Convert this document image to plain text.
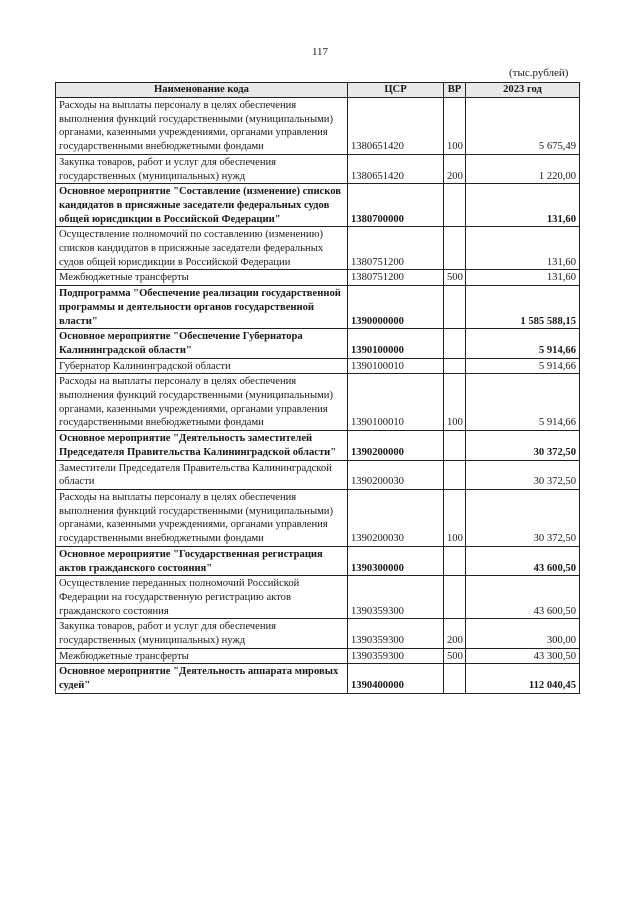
117
(тыс.рублей)
Наименование кода	ЦСР	ВР	2023 год
Расходы на выплаты персоналу в целях обеспечения выполнения функций государственными (муниципальными) органами, казенными учреждениями, органами управления государственными внебюджетными фондами	1380651420	100	5 675,49
Закупка товаров, работ и услуг для обеспечения государственных (муниципальных) нужд	1380651420	200	1 220,00
Основное мероприятие "Составление (изменение) списков кандидатов в присяжные заседатели федеральных судов общей юрисдикции в Российской Федерации"	1380700000		131,60
Осуществление полномочий по составлению (изменению) списков кандидатов в присяжные заседатели федеральных судов общей юрисдикции в Российской Федерации	1380751200		131,60
Межбюджетные трансферты	1380751200	500	131,60
Подпрограмма "Обеспечение реализации государственной программы и деятельности органов государственной власти"	1390000000		1 585 588,15
Основное мероприятие "Обеспечение Губернатора Калининградской области"	1390100000		5 914,66
Губернатор Калининградской области	1390100010		5 914,66
Расходы на выплаты персоналу в целях обеспечения выполнения функций государственными (муниципальными) органами, казенными учреждениями, органами управления государственными внебюджетными фондами	1390100010	100	5 914,66
Основное мероприятие "Деятельность заместителей Председателя Правительства Калининградской области"	1390200000		30 372,50
Заместители Председателя Правительства Калининградской области	1390200030		30 372,50
Расходы на выплаты персоналу в целях обеспечения выполнения функций государственными (муниципальными) органами, казенными учреждениями, органами управления государственными внебюджетными фондами	1390200030	100	30 372,50
Основное мероприятие "Государственная регистрация актов гражданского состояния"	1390300000		43 600,50
Осуществление переданных полномочий Российской Федерации на государственную регистрацию актов гражданского состояния	1390359300		43 600,50
Закупка товаров, работ и услуг для обеспечения государственных (муниципальных) нужд	1390359300	200	300,00
Межбюджетные трансферты	1390359300	500	43 300,50
Основное мероприятие "Деятельность аппарата мировых судей"	1390400000		112 040,45
